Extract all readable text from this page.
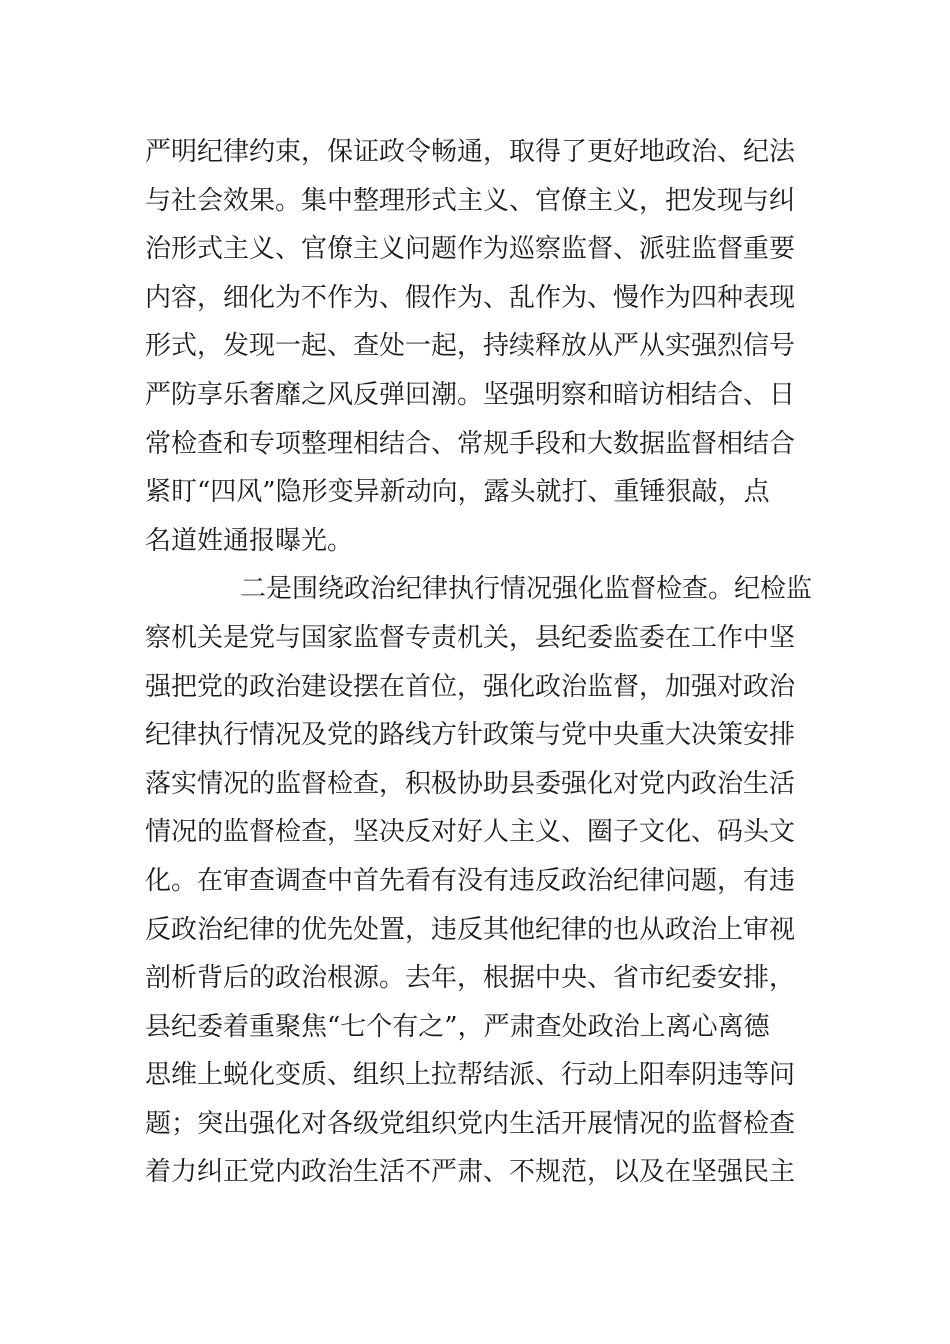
严明纪律约束，保证政令畅通，取得了更好地政治、纪法
与社会效果。集中整理形式主义、官僚主义，把发现与纠
治形式主义、官僚主义问题作为巡察监督、派驻监督重要
内容，细化为不作为、假作为、乱作为、慢作为四种表现
形式，发现一起、查处一起，持续释放从严从实强烈信号
严防享乐奢靡之风反弹回潮。坚强明察和暗访相结合、日
常检查和专项整理相结合、常规手段和大数据监督相结合
紧盯“四风”隐形变异新动向，露头就打、重锤狠敲，点
名道姓通报曝光。
二是围绕政治纪律执行情况强化监督检查。纪检监
察机关是党与国家监督专责机关，县纪委监委在工作中坚
强把党的政治建设摆在首位，强化政治监督，加强对政治
纪律执行情况及党的路线方针政策与党中央重大决策安排
落实情况的监督检查，积极协助县委强化对党内政治生活
情况的监督检查，坚决反对好人主义、圈子文化、码头文
化。在审查调查中首先看有没有违反政治纪律问题，有违
反政治纪律的优先处置，违反其他纪律的也从政治上审视
剖析背后的政治根源。去年，根据中央、省市纪委安排，
县纪委着重聚焦“七个有之”，严肃查处政治上离心离德
思维上蜕化变质、组织上拉帮结派、行动上阳奉阴违等问
题；突出强化对各级党组织党内生活开展情况的监督检查
着力纠正党内政治生活不严肃、不规范，以及在坚强民主
